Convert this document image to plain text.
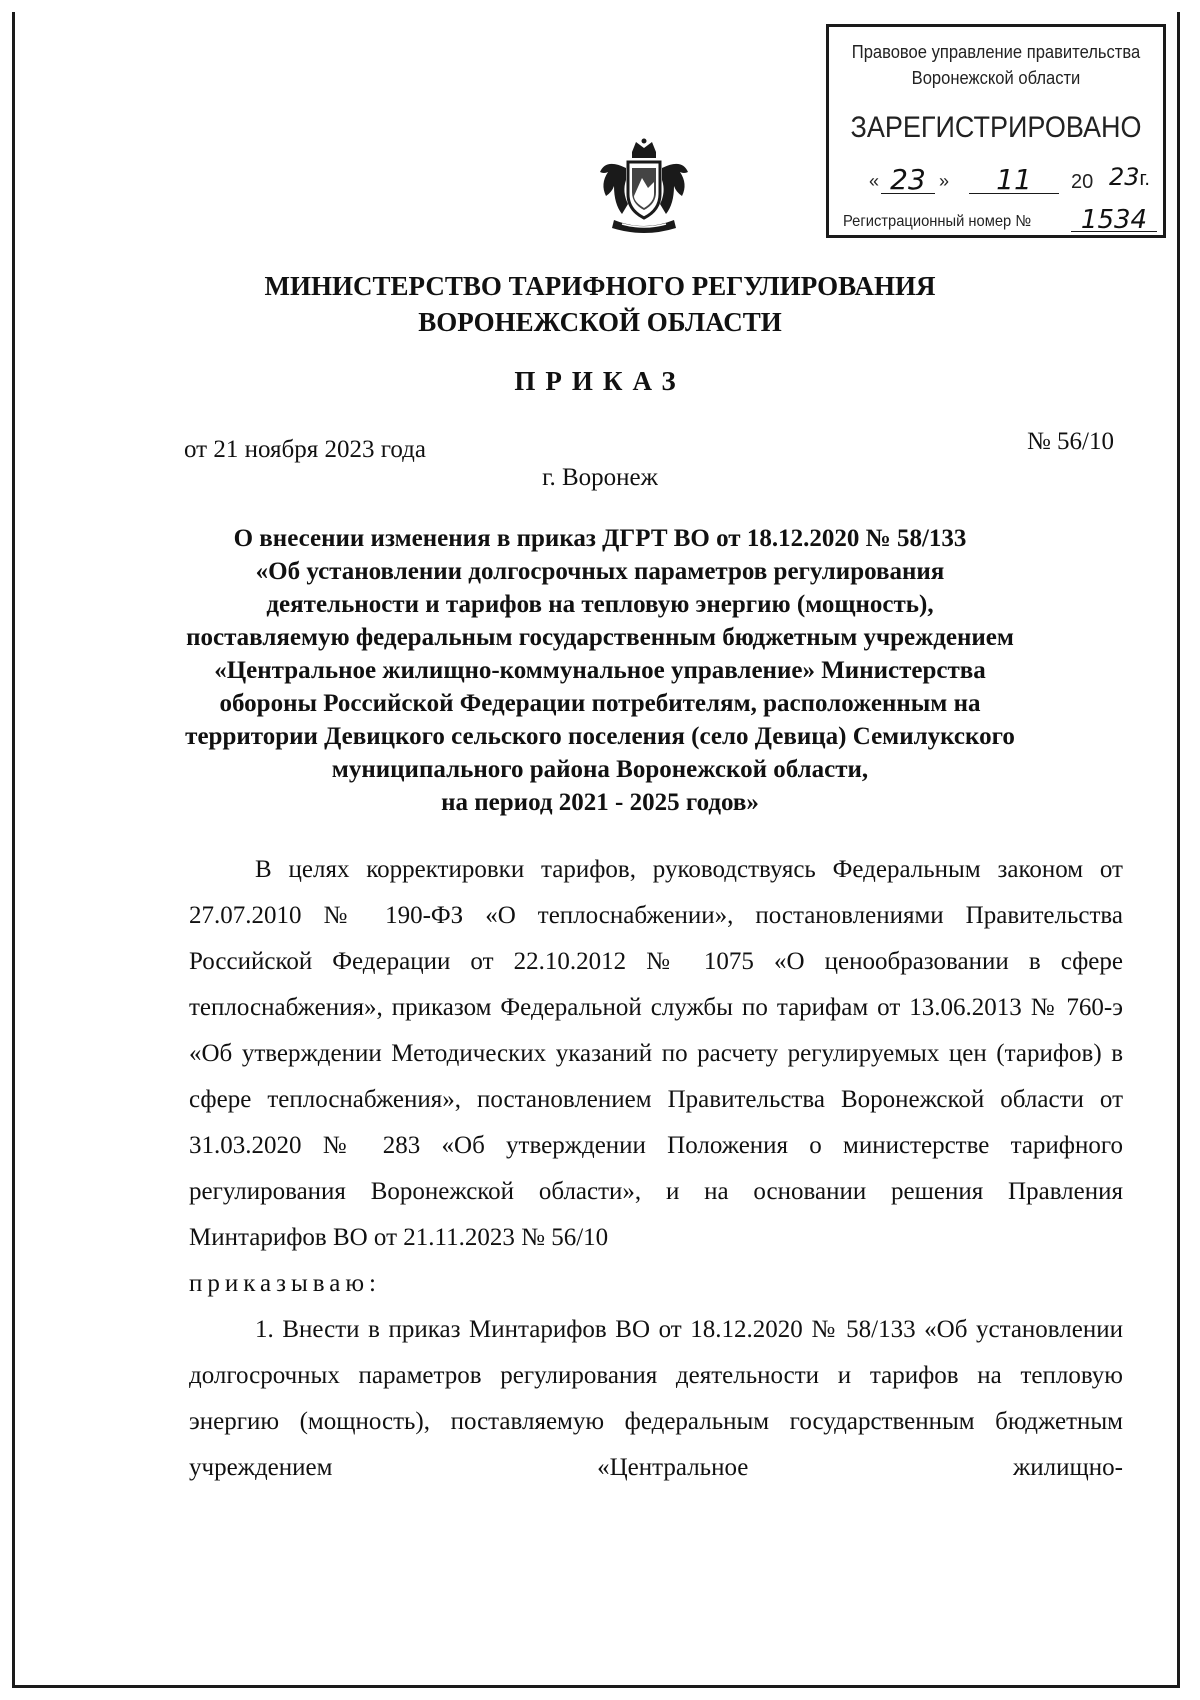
Правовое управление правительства
Воронежской области
ЗАРЕГИСТРИРОВАНО
« 23 »	11	20 23г.
Регистрационный номер №	1534
МИНИСТЕРСТВО ТАРИФНОГО РЕГУЛИРОВАНИЯ
ВОРОНЕЖСКОЙ ОБЛАСТИ
ПРИКАЗ
от 21 ноября 2023 года	№ 56/10
г. Воронеж
О внесении изменения в приказ ДГРТ ВО от 18.12.2020 № 58/133
«Об установлении долгосрочных параметров регулирования
деятельности и тарифов на тепловую энергию (мощность),
поставляемую федеральным государственным бюджетным учреждением
«Центральное жилищно-коммунальное управление» Министерства
обороны Российской Федерации потребителям, расположенным на
территории Девицкого сельского поселения (село Девица) Семилукского
муниципального района Воронежской области,
на период 2021 - 2025 годов»

В целях корректировки тарифов, руководствуясь Федеральным законом от 27.07.2010 № 190-ФЗ «О теплоснабжении», постановлениями Правительства Российской Федерации от 22.10.2012 № 1075 «О ценообразовании в сфере теплоснабжения», приказом Федеральной службы по тарифам от 13.06.2013 № 760-э «Об утверждении Методических указаний по расчету регулируемых цен (тарифов) в сфере теплоснабжения», постановлением Правительства Воронежской области от 31.03.2020 № 283 «Об утверждении Положения о министерстве тарифного регулирования Воронежской области», и на основании решения Правления Минтарифов ВО от 21.11.2023 № 56/10

приказываю:

1. Внести в приказ Минтарифов ВО от 18.12.2020 № 58/133 «Об установлении долгосрочных параметров регулирования деятельности и тарифов на тепловую энергию (мощность), поставляемую федеральным государственным бюджетным учреждением «Центральное жилищно-
